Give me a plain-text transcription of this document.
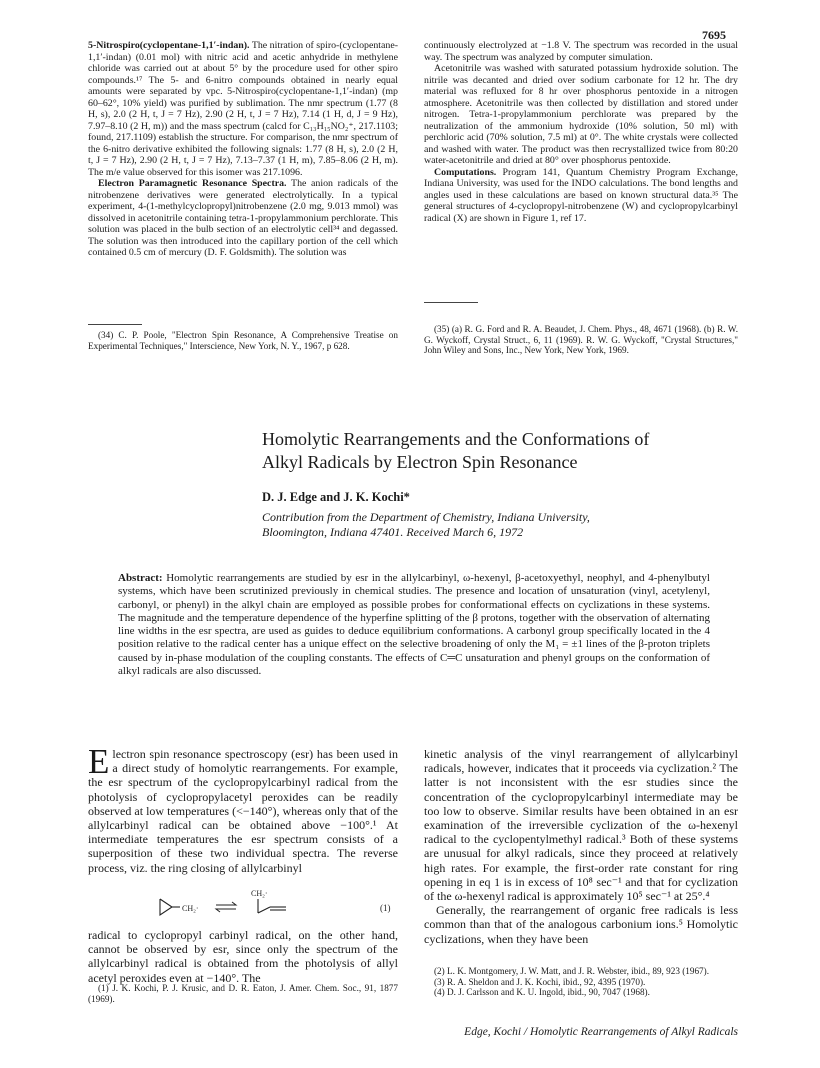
7695

5-Nitrospiro(cyclopentane-1,1′-indan). The nitration of spiro-(cyclopentane-1,1′-indan) (0.01 mol) with nitric acid and acetic anhydride in methylene chloride was carried out at about 5° by the procedure used for other spiro compounds.¹⁷ The 5- and 6-nitro compounds obtained in nearly equal amounts were separated by vpc. 5-Nitrospiro(cyclopentane-1,1′-indan) (mp 60–62°, 10% yield) was purified by sublimation. The nmr spectrum (1.77 (8 H, s), 2.0 (2 H, t, J = 7 Hz), 2.90 (2 H, t, J = 7 Hz), 7.14 (1 H, d, J = 9 Hz), 7.97–8.10 (2 H, m)) and the mass spectrum (calcd for C₁₃H₁₅NO₂⁺, 217.1103; found, 217.1109) establish the structure. For comparison, the nmr spectrum of the 6-nitro derivative exhibited the following signals: 1.77 (8 H, s), 2.0 (2 H, t, J = 7 Hz), 2.90 (2 H, t, J = 7 Hz), 7.13–7.37 (1 H, m), 7.85–8.06 (2 H, m). The m/e value observed for this isomer was 217.1096.

Electron Paramagnetic Resonance Spectra. The anion radicals of the nitrobenzene derivatives were generated electrolytically. In a typical experiment, 4-(1-methylcyclopropyl)nitrobenzene (2.0 mg, 9.013 mmol) was dissolved in acetonitrile containing tetra-1-propylammonium perchlorate. This solution was placed in the bulb section of an electrolytic cell³⁴ and degassed. The solution was then introduced into the capillary portion of the cell which contained 0.5 cm of mercury (D. F. Goldsmith). The solution was

(34) C. P. Poole, "Electron Spin Resonance, A Comprehensive Treatise on Experimental Techniques," Interscience, New York, N. Y., 1967, p 628.

continuously electrolyzed at −1.8 V. The spectrum was recorded in the usual way. The spectrum was analyzed by computer simulation.

Acetonitrile was washed with saturated potassium hydroxide solution. The nitrile was decanted and dried over sodium carbonate for 12 hr. The dry material was refluxed for 8 hr over phosphorus pentoxide in a nitrogen atmosphere. Acetonitrile was then collected by distillation and stored under nitrogen. Tetra-1-propylammonium perchlorate was prepared by the neutralization of the ammonium hydroxide (10% solution, 50 ml) with perchloric acid (70% solution, 7.5 ml) at 0°. The white crystals were collected and washed with water. The product was then recrystallized twice from 80:20 water-acetonitrile and dried at 80° over phosphorus pentoxide.

Computations. Program 141, Quantum Chemistry Program Exchange, Indiana University, was used for the INDO calculations. The bond lengths and angles used in these calculations are based on known structural data.³⁵ The general structures of 4-cyclopropyl-nitrobenzene (W) and cyclopropylcarbinyl radical (X) are shown in Figure 1, ref 17.

(35) (a) R. G. Ford and R. A. Beaudet, J. Chem. Phys., 48, 4671 (1968). (b) R. W. G. Wyckoff, Crystal Struct., 6, 11 (1969). R. W. G. Wyckoff, "Crystal Structures," John Wiley and Sons, Inc., New York, New York, 1969.

Homolytic Rearrangements and the Conformations of
Alkyl Radicals by Electron Spin Resonance
D. J. Edge and J. K. Kochi*
Contribution from the Department of Chemistry, Indiana University,
Bloomington, Indiana 47401. Received March 6, 1972
Abstract: Homolytic rearrangements are studied by esr in the allylcarbinyl, ω-hexenyl, β-acetoxyethyl, neophyl, and 4-phenylbutyl systems, which have been scrutinized previously in chemical studies. The presence and location of unsaturation (vinyl, acetylenyl, carbonyl, or phenyl) in the alkyl chain are employed as possible probes for conformational effects on cyclizations in these systems. The magnitude and the temperature dependence of the hyperfine splitting of the β protons, together with the observation of alternating line widths in the esr spectra, are used as guides to deduce equilibrium conformations. A carbonyl group specifically located in the 4 position relative to the radical center has a unique effect on the selective broadening of only the M₁ = ±1 lines of the β-proton triplets caused by in-phase modulation of the coupling constants. The effects of C═C unsaturation and phenyl groups on the conformation of alkyl radicals are also discussed.

Electron spin resonance spectroscopy (esr) has been used in a direct study of homolytic rearrangements. For example, the esr spectrum of the cyclopropylcarbinyl radical from the photolysis of cyclopropylacetyl peroxides can be readily observed at low temperatures (<−140°), whereas only that of the allylcarbinyl radical can be obtained above −100°.¹ At intermediate temperatures the esr spectrum consists of a superposition of these two individual spectra. The reverse process, viz. the ring closing of allylcarbinyl

CH₂·
CH₂·
(1)

radical to cyclopropyl carbinyl radical, on the other hand, cannot be observed by esr, since only the spectrum of the allylcarbinyl radical is obtained from the photolysis of allyl acetyl peroxides even at −140°. The

(1) J. K. Kochi, P. J. Krusic, and D. R. Eaton, J. Amer. Chem. Soc., 91, 1877 (1969).

kinetic analysis of the vinyl rearrangement of allylcarbinyl radicals, however, indicates that it proceeds via cyclization.² The latter is not inconsistent with the esr studies since the concentration of the cyclopropylcarbinyl intermediate may be too low to observe. Similar results have been obtained in an esr examination of the irreversible cyclization of the ω-hexenyl radical to the cyclopentylmethyl radical.³ Both of these systems are unusual for alkyl radicals, since they proceed at relatively high rates. For example, the first-order rate constant for ring opening in eq 1 is in excess of 10⁸ sec⁻¹ and that for cyclization of the ω-hexenyl radical is approximately 10⁵ sec⁻¹ at 25°.⁴

Generally, the rearrangement of organic free radicals is less common than that of the analogous carbonium ions.⁵ Homolytic cyclizations, when they have been

(2) L. K. Montgomery, J. W. Matt, and J. R. Webster, ibid., 89, 923 (1967).

(3) R. A. Sheldon and J. K. Kochi, ibid., 92, 4395 (1970).

(4) D. J. Carlsson and K. U. Ingold, ibid., 90, 7047 (1968).

Edge, Kochi / Homolytic Rearrangements of Alkyl Radicals
